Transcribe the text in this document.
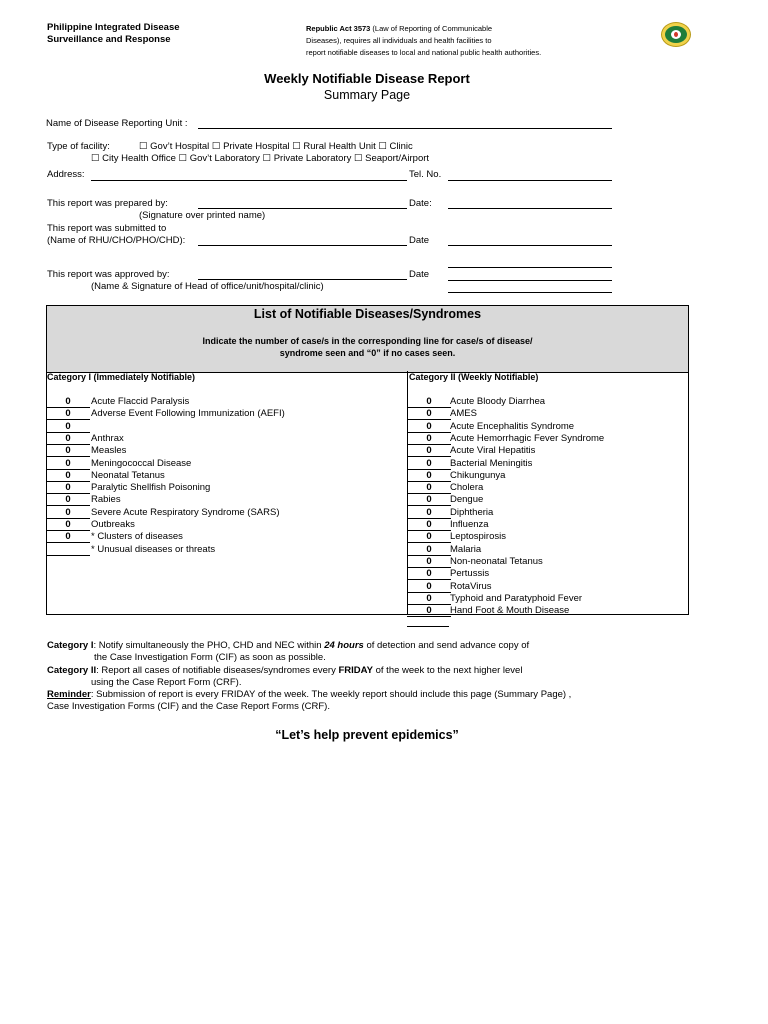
Philippine Integrated Disease
Surveillance and Response
Republic Act 3573 (Law of Reporting of Communicable
Diseases), requires all individuals and health facilities to
report notifiable diseases to local and national public health authorities.
Weekly Notifiable Disease Report
Summary Page
Name of Disease Reporting Unit :
Type of facility:	☐ Gov’t Hospital ☐ Private Hospital ☐ Rural Health Unit ☐ Clinic
☐ City Health Office ☐ Gov’t Laboratory ☐ Private Laboratory ☐ Seaport/Airport
Address:	Tel. No.
This report was prepared by:	Date:
(Signature over printed name)
This report was submitted to
(Name of RHU/CHO/PHO/CHD):	Date
This report was approved by:	Date
(Name & Signature of Head of office/unit/hospital/clinic)
List of Notifiable Diseases/Syndromes
Indicate the number of case/s in the corresponding line for case/s of disease/
syndrome seen and “0” if no cases seen.
Category I (Immediately Notifiable)	Category II (Weekly Notifiable)
0	Acute Flaccid Paralysis
0	Adverse Event Following Immunization (AEFI)
0
0	Anthrax
0	Measles
0	Meningococcal Disease
0	Neonatal Tetanus
0	Paralytic Shellfish Poisoning
0	Rabies
0	Severe Acute Respiratory Syndrome (SARS)
0	Outbreaks
0	* Clusters of diseases
* Unusual diseases or threats
0	Acute Bloody Diarrhea
0	AMES
0	Acute Encephalitis Syndrome
0	Acute Hemorrhagic Fever Syndrome
0	Acute Viral Hepatitis
0	Bacterial Meningitis
0	Chikungunya
0	Cholera
0	Dengue
0	Diphtheria
0	Influenza
0	Leptospirosis
0	Malaria
0	Non-neonatal Tetanus
0	Pertussis
0	RotaVirus
0	Typhoid and Paratyphoid Fever
0	Hand Foot & Mouth Disease
Category I: Notify simultaneously the PHO, CHD and NEC within 24 hours of detection and send advance copy of
the Case Investigation Form (CIF) as soon as possible.
Category II: Report all cases of notifiable diseases/syndromes every FRIDAY of the week to the next higher level
using the Case Report Form (CRF).
Reminder: Submission of report is every FRIDAY of the week. The weekly report should include this page (Summary Page) ,
Case Investigation Forms (CIF) and the Case Report Forms (CRF).
“Let’s help prevent epidemics”
